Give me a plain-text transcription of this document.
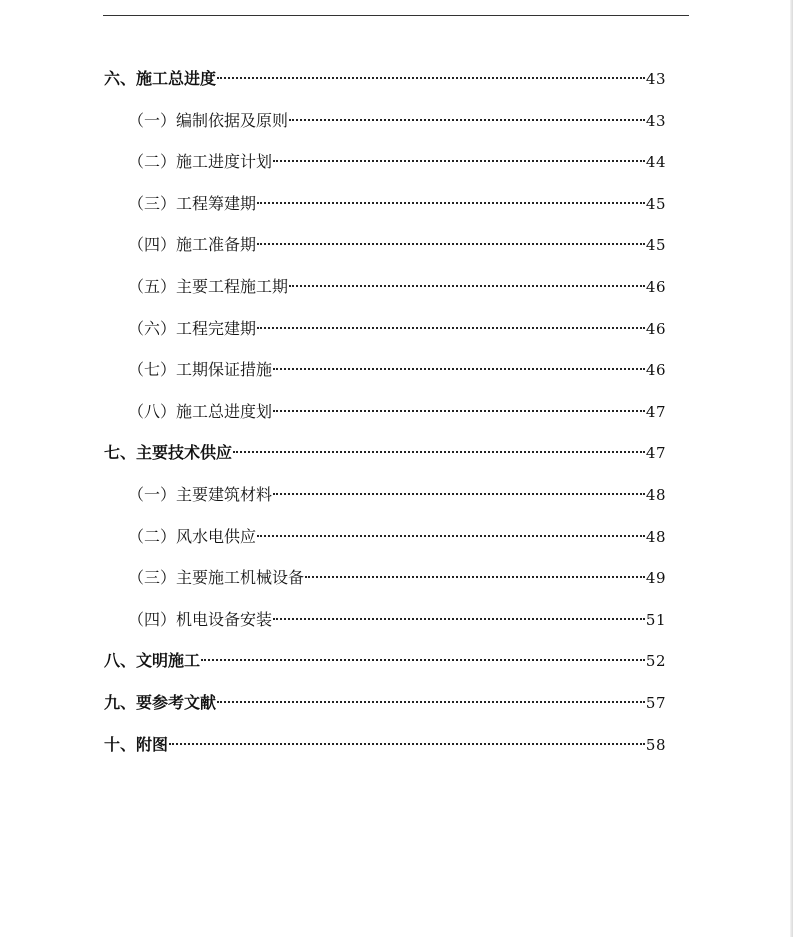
六、施工总进度	43
（一）编制依据及原则	43
（二）施工进度计划	44
（三）工程筹建期	45
（四）施工准备期	45
（五）主要工程施工期	46
（六）工程完建期	46
（七）工期保证措施	46
（八）施工总进度划	47
七、主要技术供应	47
（一）主要建筑材料	48
（二）风水电供应	48
（三）主要施工机械设备	49
（四）机电设备安装	51
八、文明施工	52
九、要参考文献	57
十、附图	58
